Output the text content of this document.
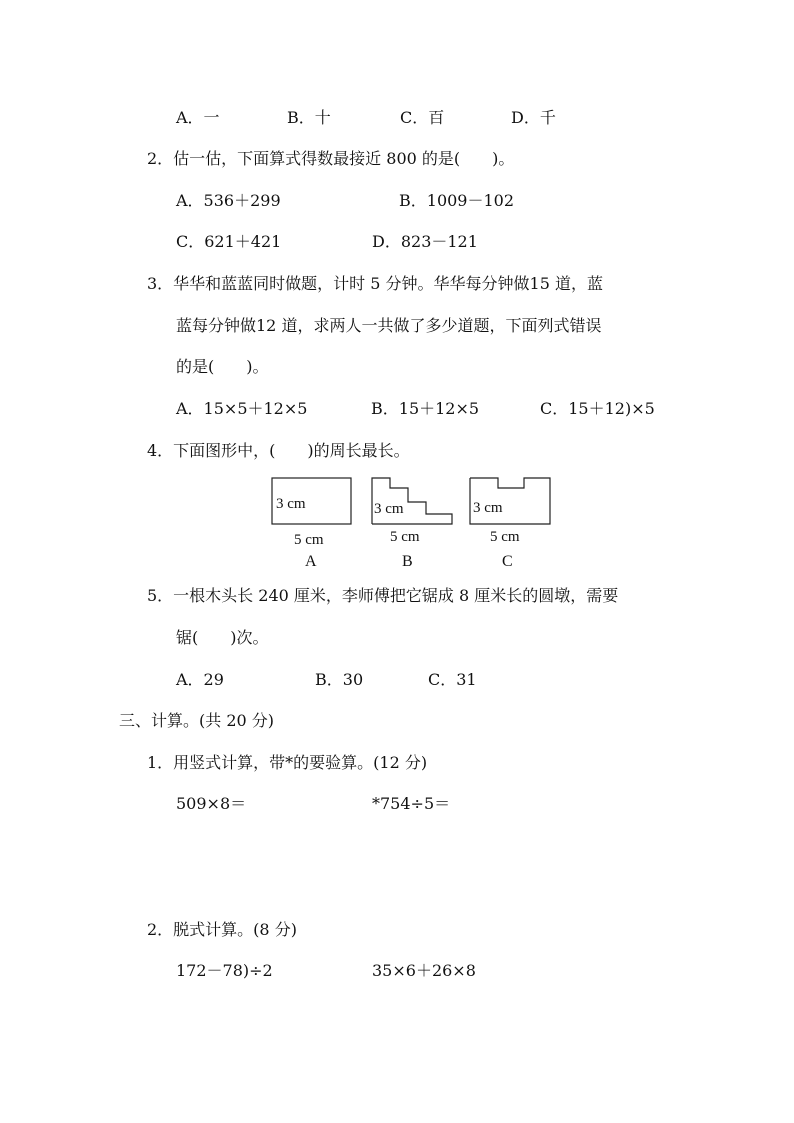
A．一	B．十	C．百	D．千
2．估一估，下面算式得数最接近 800 的是(　　)。
A．536＋299	B．1009－102
C．621＋421	D．823－121
3．华华和蓝蓝同时做题，计时 5 分钟。华华每分钟做15 道，蓝
蓝每分钟做12 道，求两人一共做了多少道题，下面列式错误
的是(　　)。
A．15×5＋12×5	B．15＋12×5	C．15＋12)×5
4．下面图形中，(　　)的周长最长。
3 cm
5 cm
A
3 cm
5 cm
B
3 cm
5 cm
C
5．一根木头长 240 厘米，李师傅把它锯成 8 厘米长的圆墩，需要
锯(　　)次。
A．29	B．30	C．31
三、计算。(共 20 分)
1．用竖式计算，带*的要验算。(12 分)
509×8＝	*754÷5＝
2．脱式计算。(8 分)
172－78)÷2	35×6＋26×8
